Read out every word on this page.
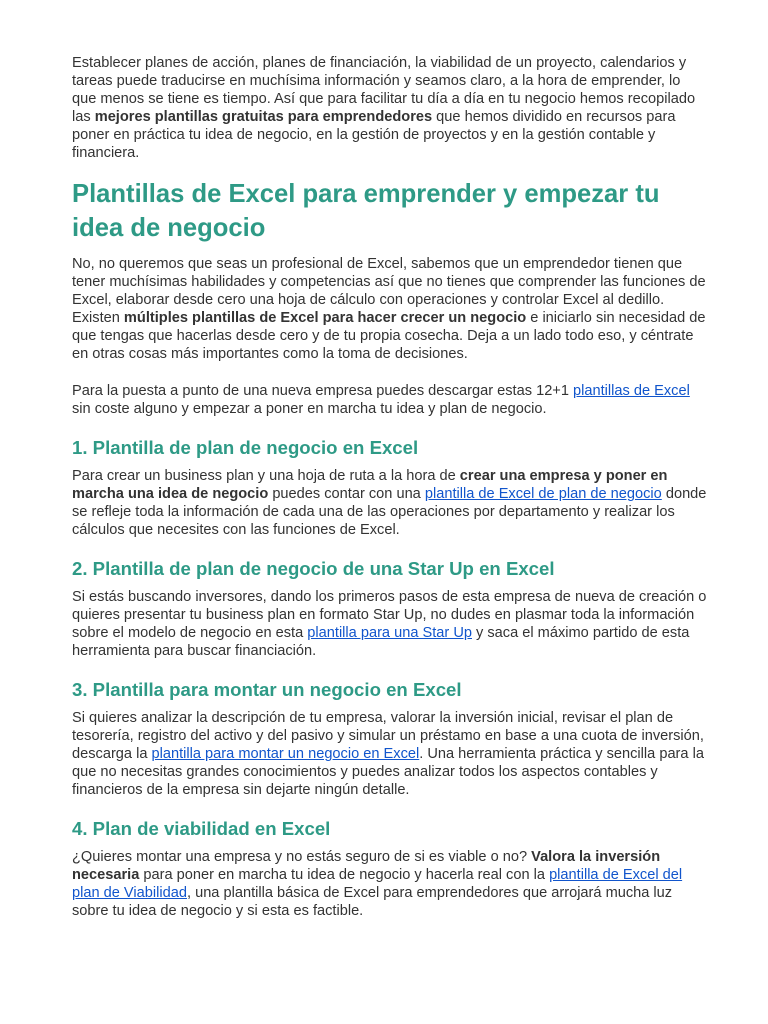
Establecer planes de acción, planes de financiación, la viabilidad de un proyecto, calendarios y tareas puede traducirse en muchísima información y seamos claro, a la hora de emprender, lo que menos se tiene es tiempo. Así que para facilitar tu día a día en tu negocio hemos recopilado las mejores plantillas gratuitas para emprendedores que hemos dividido en recursos para poner en práctica tu idea de negocio, en la gestión de proyectos y en la gestión contable y financiera.

Plantillas de Excel para emprender y empezar tu idea de negocio

No, no queremos que seas un profesional de Excel, sabemos que un emprendedor tienen que tener muchísimas habilidades y competencias así que no tienes que comprender las funciones de Excel, elaborar desde cero una hoja de cálculo con operaciones y controlar Excel al dedillo. Existen múltiples plantillas de Excel para hacer crecer un negocio e iniciarlo sin necesidad de que tengas que hacerlas desde cero y de tu propia cosecha. Deja a un lado todo eso, y céntrate en otras cosas más importantes como la toma de decisiones.

Para la puesta a punto de una nueva empresa puedes descargar estas 12+1 plantillas de Excel sin coste alguno y empezar a poner en marcha tu idea y plan de negocio.

1. Plantilla de plan de negocio en Excel

Para crear un business plan y una hoja de ruta a la hora de crear una empresa y poner en marcha una idea de negocio puedes contar con una plantilla de Excel de plan de negocio donde se refleje toda la información de cada una de las operaciones por departamento y realizar los cálculos que necesites con las funciones de Excel.

2. Plantilla de plan de negocio de una Star Up en Excel

Si estás buscando inversores, dando los primeros pasos de esta empresa de nueva de creación o quieres presentar tu business plan en formato Star Up, no dudes en plasmar toda la información sobre el modelo de negocio en esta plantilla para una Star Up y saca el máximo partido de esta herramienta para buscar financiación.

3. Plantilla para montar un negocio en Excel

Si quieres analizar la descripción de tu empresa, valorar la inversión inicial, revisar el plan de tesorería, registro del activo y del pasivo y simular un préstamo en base a una cuota de inversión, descarga la plantilla para montar un negocio en Excel. Una herramienta práctica y sencilla para la que no necesitas grandes conocimientos y puedes analizar todos los aspectos contables y financieros de la empresa sin dejarte ningún detalle.

4. Plan de viabilidad en Excel

¿Quieres montar una empresa y no estás seguro de si es viable o no? Valora la inversión necesaria para poner en marcha tu idea de negocio y hacerla real con la plantilla de Excel del plan de Viabilidad, una plantilla básica de Excel para emprendedores que arrojará mucha luz sobre tu idea de negocio y si esta es factible.
